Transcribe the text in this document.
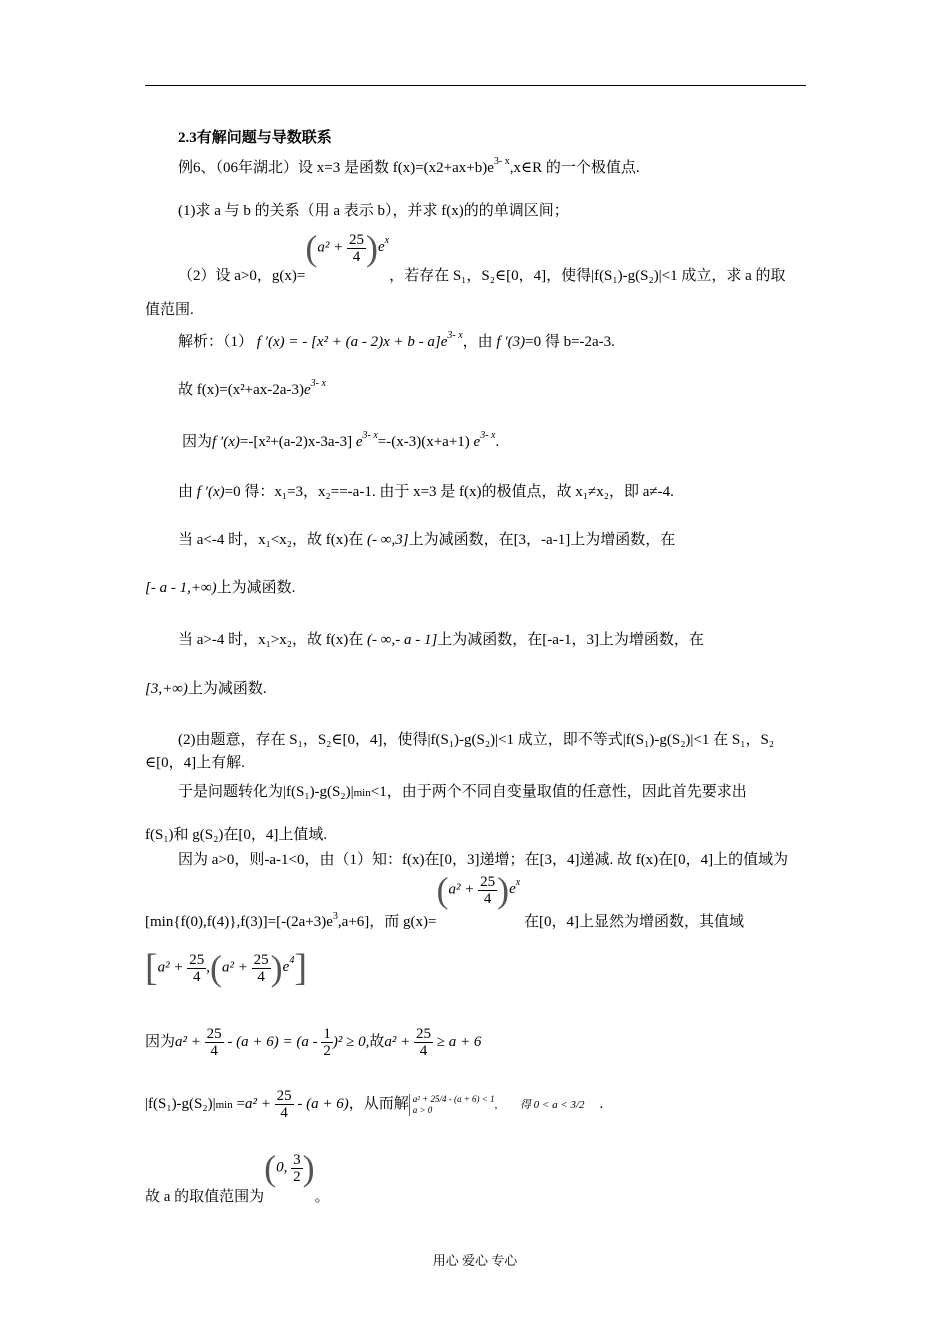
2.3有解问题与导数联系
例6、（06年湖北）设 x=3 是函数 $f(x)=(x2+ax+b)e^{3- x},x\in R$ 的一个极值点.
(1)求 a 与 b 的关系（用 a 表示 b），并求 f(x)的的单调区间；
（2）设 a>0，$g(x)=(a^2 + \frac{25}{4} )e^x$，若存在 S₁，S₂∈[0，4]，使得|f(S₁)-g(S₂)|<1 成立，求 a 的取
值范围.
解析：（1） f ′(x) = - $[x^2 + (a - 2)x + b - a]e^{3- x}$，由 f ′(3)=0 得 b=-2a-3.
故 $f(x)=(x^2+ax-2a-3)e^{3- x}$
因为f ′(x)=-[x²+(a-2)x-3a-3] $e^{3- x}=-(x-3)(x+a+1)$ $e^{3- x}$.
由 f ′(x)=0 得：x₁=3，x₂==-a-1. 由于 x=3 是 f(x)的极值点，故 x₁≠x₂，即 a≠-4.
当 a<-4 时，x₁<x₂，故 f(x)在 (- ∞,3]上为减函数，在[3，-a-1]上为增函数，在
[- a - 1,+∞)上为减函数.
当 a>-4 时，x₁>x₂，故 f(x)在 (- ∞,- a - 1]上为减函数，在[-a-1，3]上为增函数，在
[3,+∞)上为减函数.
(2)由题意，存在 S₁，S₂∈[0，4]，使得|f(S₁)-g(S₂)|<1 成立，即不等式|f(S₁)-g(S₂)|<1 在 S₁，S₂
∈[0，4]上有解.
于是问题转化为|f(S₁)-g(S₂)|min<1，由于两个不同自变量取值的任意性，因此首先要求出
f(S₁)和 g(S₂)在[0，4]上值域.
因为 a>0，则-a-1<0，由（1）知：f(x)在[0，3]递增；在[3，4]递减. 故 f(x)在[0，4]上的值域为
$[\min\{f(0),f(4)\},f(3)]=[-(2a+3)e_3,a+6]$，而 $g(x)=(a^2 + \frac{25}{4} )e^x$ 在[0，4]上显然为增函数，其值域
$[a^2 + \frac{25}{4} ,(a^2 + \frac{25}{4} )e^4]$
因为$a^2 + \frac{25}{4} - (a + 6) = (a - \frac{1}{2} )^2 \ge 0$,故$a^2 + \frac{25}{4} \ge a + 6$
$|f(S_1)-g(S_2)|\min =a^2 + \frac{25}{4} - (a + 6)$，从而解 a² + 25/4 - (a + 6) < 1
a > 0	, 得 0 < a < 3/2 .
故 a 的取值范围为(0, $\frac{3}{2}$ )。
用心 爱心 专心
